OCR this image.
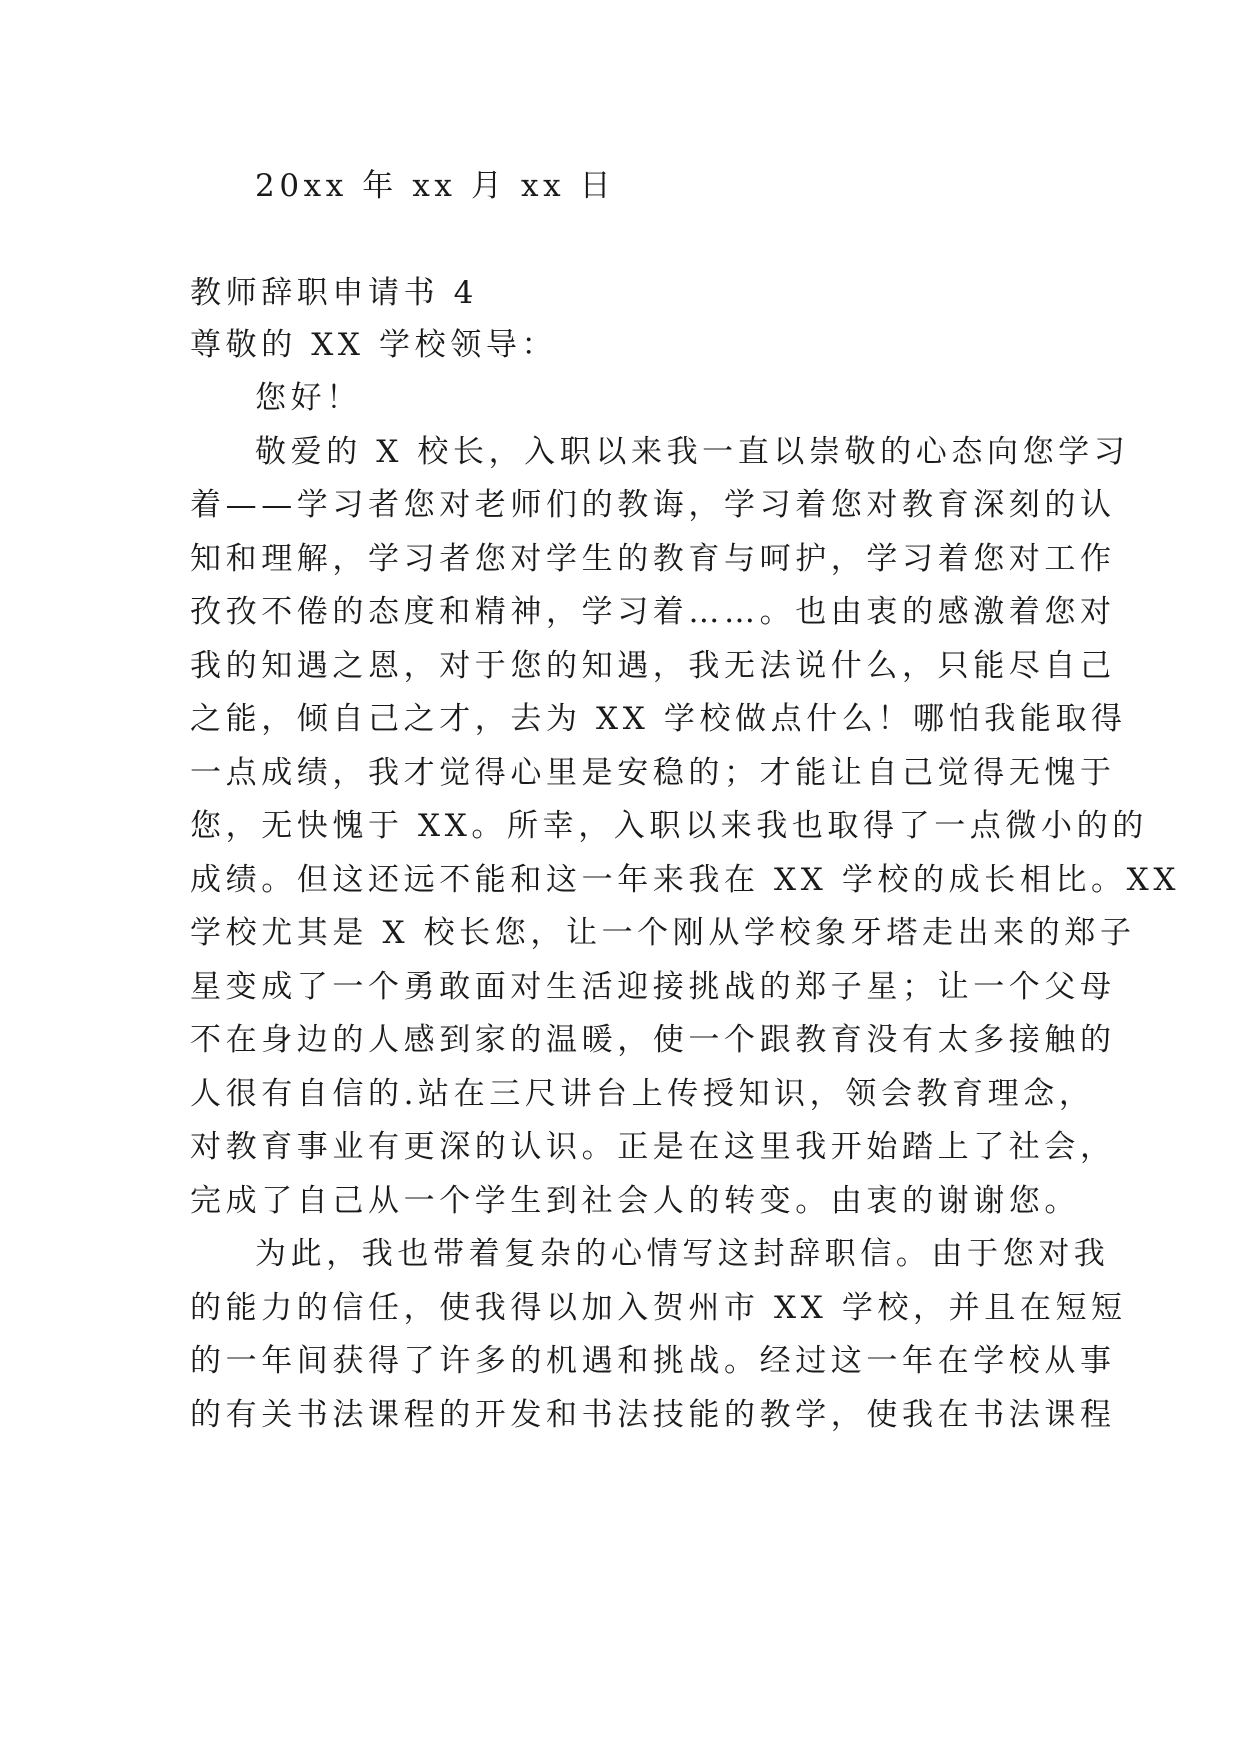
20xx 年 xx 月 xx 日
教师辞职申请书 4
尊敬的 XX 学校领导：
您好！
敬爱的 X 校长，入职以来我一直以崇敬的心态向您学习
着——学习者您对老师们的教诲，学习着您对教育深刻的认
知和理解，学习者您对学生的教育与呵护，学习着您对工作
孜孜不倦的态度和精神，学习着……。也由衷的感激着您对
我的知遇之恩，对于您的知遇，我无法说什么，只能尽自己
之能，倾自己之才，去为 XX 学校做点什么！哪怕我能取得
一点成绩，我才觉得心里是安稳的；才能让自己觉得无愧于
您，无快愧于 XX。所幸，入职以来我也取得了一点微小的的
成绩。但这还远不能和这一年来我在 XX 学校的成长相比。XX
学校尤其是 X 校长您，让一个刚从学校象牙塔走出来的郑子
星变成了一个勇敢面对生活迎接挑战的郑子星；让一个父母
不在身边的人感到家的温暖，使一个跟教育没有太多接触的
人很有自信的.站在三尺讲台上传授知识，领会教育理念，
对教育事业有更深的认识。正是在这里我开始踏上了社会，
完成了自己从一个学生到社会人的转变。由衷的谢谢您。
为此，我也带着复杂的心情写这封辞职信。由于您对我
的能力的信任，使我得以加入贺州市 XX 学校，并且在短短
的一年间获得了许多的机遇和挑战。经过这一年在学校从事
的有关书法课程的开发和书法技能的教学，使我在书法课程
